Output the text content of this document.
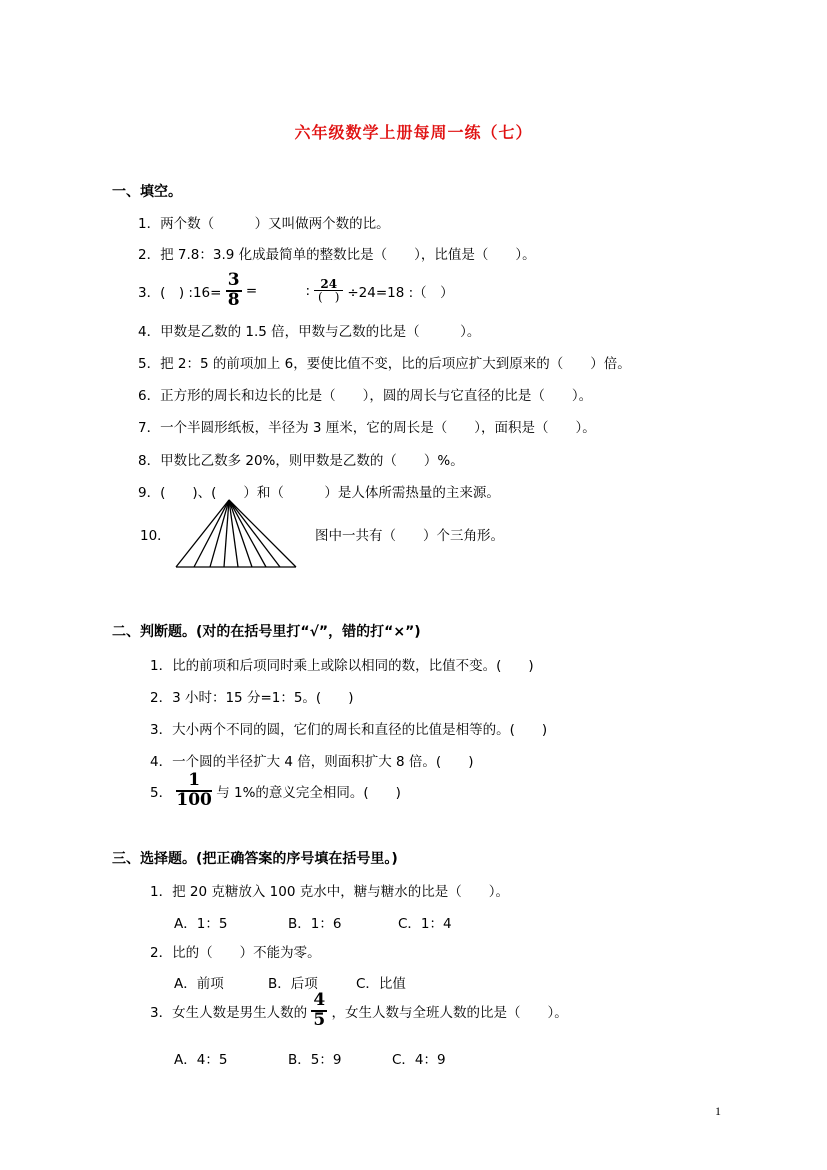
六年级数学上册每周一练（七）
一、填空。
1．两个数（　　　）又叫做两个数的比。
2．把 7.8：3.9 化成最简单的整数比是（　　），比值是（　　）。
3．(　) :16= $\frac{3}{8}$ =	: $\frac{24}{( )} \div 24=18$ :（　）
4．甲数是乙数的 1.5 倍，甲数与乙数的比是（　　　）。
5．把 2：5 的前项加上 6，要使比值不变，比的后项应扩大到原来的（　　）倍。
6．正方形的周长和边长的比是（　　），圆的周长与它直径的比是（　　）。
7．一个半圆形纸板，半径为 3 厘米，它的周长是（　　），面积是（　　）。
8．甲数比乙数多 20%，则甲数是乙数的（　　）%。
9．(　　)、(　　）和（　　　）是人体所需热量的主来源。
10．	图中一共有（　　）个三角形。
二、判断题。(对的在括号里打“√”，错的打“×”)
1．比的前项和后项同时乘上或除以相同的数，比值不变。(　　)
2．3 小时：15 分=1：5。(　　)
3．大小两个不同的圆，它们的周长和直径的比值是相等的。(　　)
4．一个圆的半径扩大 4 倍，则面积扩大 8 倍。(　　)
5． $\frac{1}{100}$ 与 1%的意义完全相同。(　　)
三、选择题。(把正确答案的序号填在括号里。)
1．把 20 克糖放入 100 克水中，糖与糖水的比是（　　）。
A．1：5	B．1：6	C．1：4
2．比的（　　）不能为零。
A．前项	B．后项	C．比值
3．女生人数是男生人数的 $\frac{4}{5}$ ，女生人数与全班人数的比是（　　）。
A．4：5	B．5：9	C．4：9
1
